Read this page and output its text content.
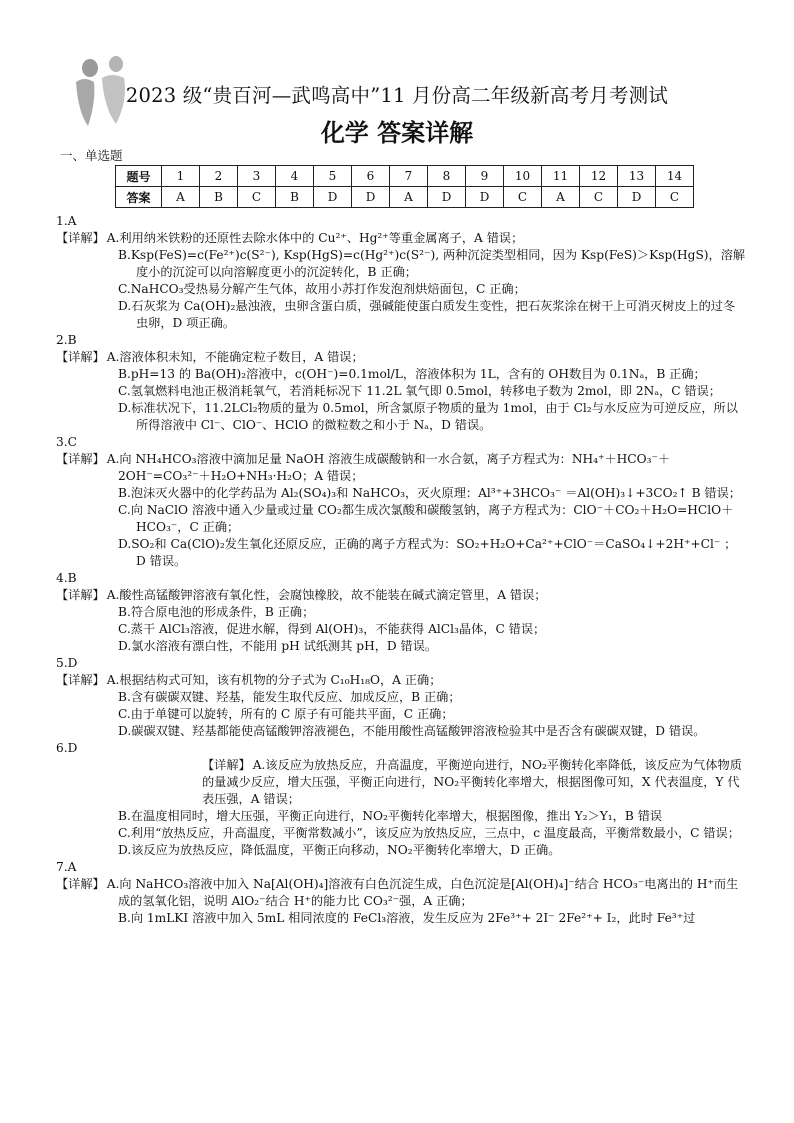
2023 级“贵百河—武鸣高中”11 月份高二年级新高考月考测试
化学 答案详解
一、单选题
题号	1	2	3	4	5	6	7	8	9	10	11	12	13	14
答案	A	B	C	B	D	D	A	D	D	C	A	C	D	C

1.A

【详解】 A.利用纳米铁粉的还原性去除水体中的 Cu²⁺、Hg²⁺等重金属离子，A 错误；

B.Ksp(FeS)=c(Fe²⁺)c(S²⁻), Ksp(HgS)=c(Hg²⁺)c(S²⁻), 两种沉淀类型相同，因为 Ksp(FeS)＞Ksp(HgS)，溶解度小的沉淀可以向溶解度更小的沉淀转化，B 正确；

C.NaHCO₃受热易分解产生气体，故用小苏打作发泡剂烘焙面包，C 正确；

D.石灰浆为 Ca(OH)₂悬浊液，虫卵含蛋白质，强碱能使蛋白质发生变性，把石灰浆涂在树干上可消灭树皮上的过冬虫卵，D 项正确。

2.B

【详解】 A.溶液体积未知，不能确定粒子数目，A 错误；

B.pH=13 的 Ba(OH)₂溶液中，c(OH⁻)=0.1mol/L，溶液体积为 1L，含有的 OH数目为 0.1Nₐ，B 正确；

C.氢氧燃料电池正极消耗氧气，若消耗标况下 11.2L 氧气即 0.5mol，转移电子数为 2mol，即 2Nₐ，C 错误；

D.标准状况下，11.2LCl₂物质的量为 0.5mol，所含氯原子物质的量为 1mol，由于 Cl₂与水反应为可逆反应，所以所得溶液中 Cl⁻、ClO⁻、HClO 的微粒数之和小于 Nₐ，D 错误。

3.C

【详解】 A.向 NH₄HCO₃溶液中滴加足量 NaOH 溶液生成碳酸钠和一水合氨，离子方程式为：NH₄⁺＋HCO₃⁻＋2OH⁻=CO₃²⁻＋H₂O+NH₃·H₂O；A 错误；

B.泡沫灭火器中的化学药品为 Al₂(SO₄)₃和 NaHCO₃，灭火原理：Al³⁺+3HCO₃⁻ ＝Al(OH)₃↓+3CO₂↑ B 错误；

C.向 NaClO 溶液中通入少量或过量 CO₂都生成次氯酸和碳酸氢钠，离子方程式为：ClO⁻＋CO₂＋H₂O=HClO＋HCO₃⁻，C 正确；

D.SO₂和 Ca(ClO)₂发生氧化还原反应，正确的离子方程式为：SO₂+H₂O+Ca²⁺+ClO⁻＝CaSO₄↓+2H⁺+Cl⁻ ；D 错误。

4.B

【详解】 A.酸性高锰酸钾溶液有氧化性，会腐蚀橡胶，故不能装在碱式滴定管里，A 错误；

B.符合原电池的形成条件，B 正确；

C.蒸干 AlCl₃溶液，促进水解，得到 Al(OH)₃，不能获得 AlCl₃晶体，C 错误；

D.氯水溶液有漂白性，不能用 pH 试纸测其 pH，D 错误。

5.D

【详解】 A.根据结构式可知，该有机物的分子式为 C₁₀H₁₈O，A 正确；

B.含有碳碳双键、羟基，能发生取代反应、加成反应，B 正确；

C.由于单键可以旋转，所有的 C 原子有可能共平面，C 正确；

D.碳碳双键、羟基都能使高锰酸钾溶液褪色，不能用酸性高锰酸钾溶液检验其中是否含有碳碳双键，D 错误。

6.D

【详解】 A.该反应为放热反应，升高温度，平衡逆向进行，NO₂平衡转化率降低，该反应为气体物质的量减少反应，增大压强，平衡正向进行，NO₂平衡转化率增大，根据图像可知，X 代表温度，Y 代表压强，A 错误；

B.在温度相同时，增大压强，平衡正向进行，NO₂平衡转化率增大，根据图像，推出 Y₂＞Y₁，B 错误

C.利用“放热反应，升高温度，平衡常数减小”，该反应为放热反应，三点中，c 温度最高，平衡常数最小，C 错误；

D.该反应为放热反应，降低温度，平衡正向移动，NO₂平衡转化率增大，D 正确。

7.A

【详解】 A.向 NaHCO₃溶液中加入 Na[Al(OH)₄]溶液有白色沉淀生成，白色沉淀是[Al(OH)₄]⁻结合 HCO₃⁻电离出的 H⁺而生成的氢氧化铝，说明 AlO₂⁻结合 H⁺的能力比 CO₃²⁻强，A 正确；

B.向 1mLKI 溶液中加入 5mL 相同浓度的 FeCl₃溶液，发生反应为 2Fe³⁺+ 2I⁻ 2Fe²⁺+ I₂，此时 Fe³⁺过
